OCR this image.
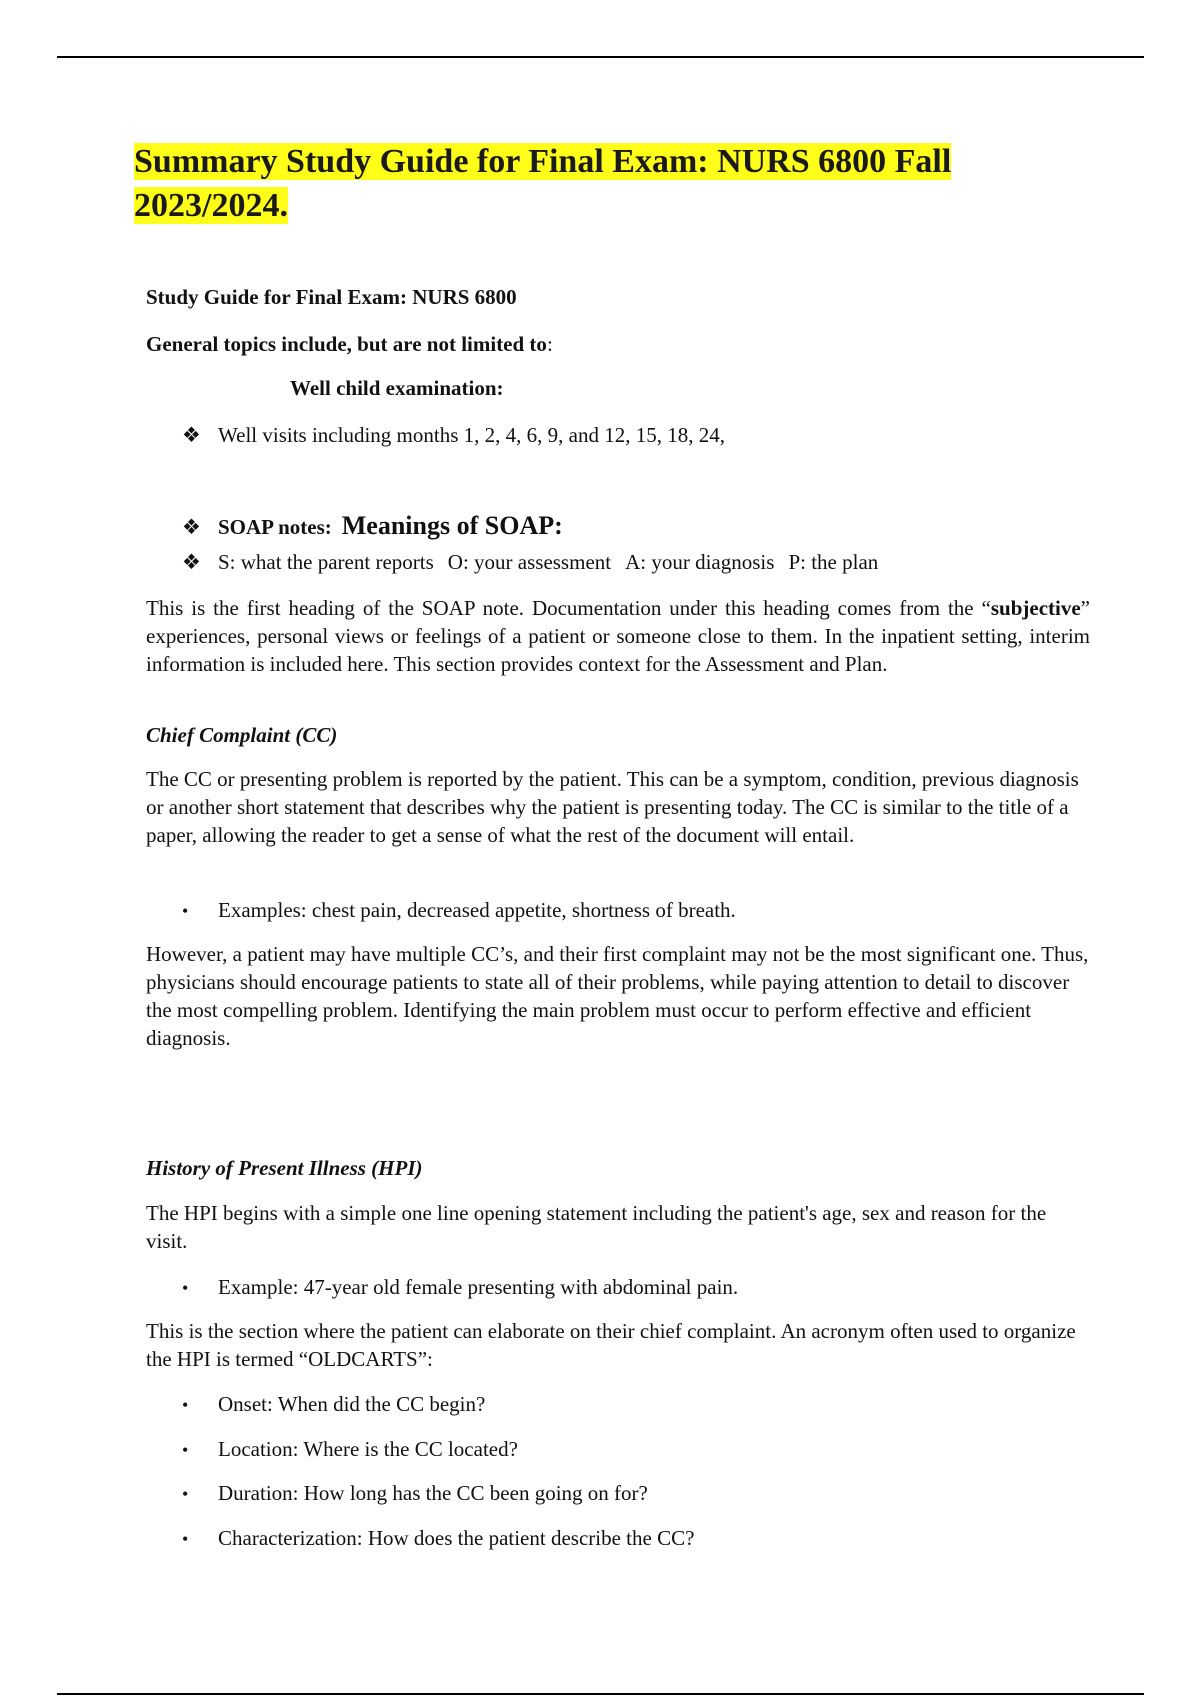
Summary Study Guide for Final Exam: NURS 6800 Fall 2023/2024.
Study Guide for Final Exam: NURS 6800
General topics include, but are not limited to:
Well child examination:
❖ Well visits including months 1, 2, 4, 6, 9, and 12, 15, 18, 24,
❖ SOAP notes: Meanings of SOAP:
❖ S: what the parent reports O: your assessment A: your diagnosis P: the plan
This is the first heading of the SOAP note. Documentation under this heading comes from the “subjective” experiences, personal views or feelings of a patient or someone close to them. In the inpatient setting, interim information is included here. This section provides context for the Assessment and Plan.
Chief Complaint (CC)
The CC or presenting problem is reported by the patient. This can be a symptom, condition, previous diagnosis or another short statement that describes why the patient is presenting today. The CC is similar to the title of a paper, allowing the reader to get a sense of what the rest of the document will entail.
•	Examples: chest pain, decreased appetite, shortness of breath.
However, a patient may have multiple CC’s, and their first complaint may not be the most significant one. Thus, physicians should encourage patients to state all of their problems, while paying attention to detail to discover the most compelling problem. Identifying the main problem must occur to perform effective and efficient diagnosis.
History of Present Illness (HPI)
The HPI begins with a simple one line opening statement including the patient's age, sex and reason for the visit.
•	Example: 47-year old female presenting with abdominal pain.
This is the section where the patient can elaborate on their chief complaint. An acronym often used to organize the HPI is termed “OLDCARTS”:
•	Onset: When did the CC begin?
•	Location: Where is the CC located?
•	Duration: How long has the CC been going on for?
•	Characterization: How does the patient describe the CC?
